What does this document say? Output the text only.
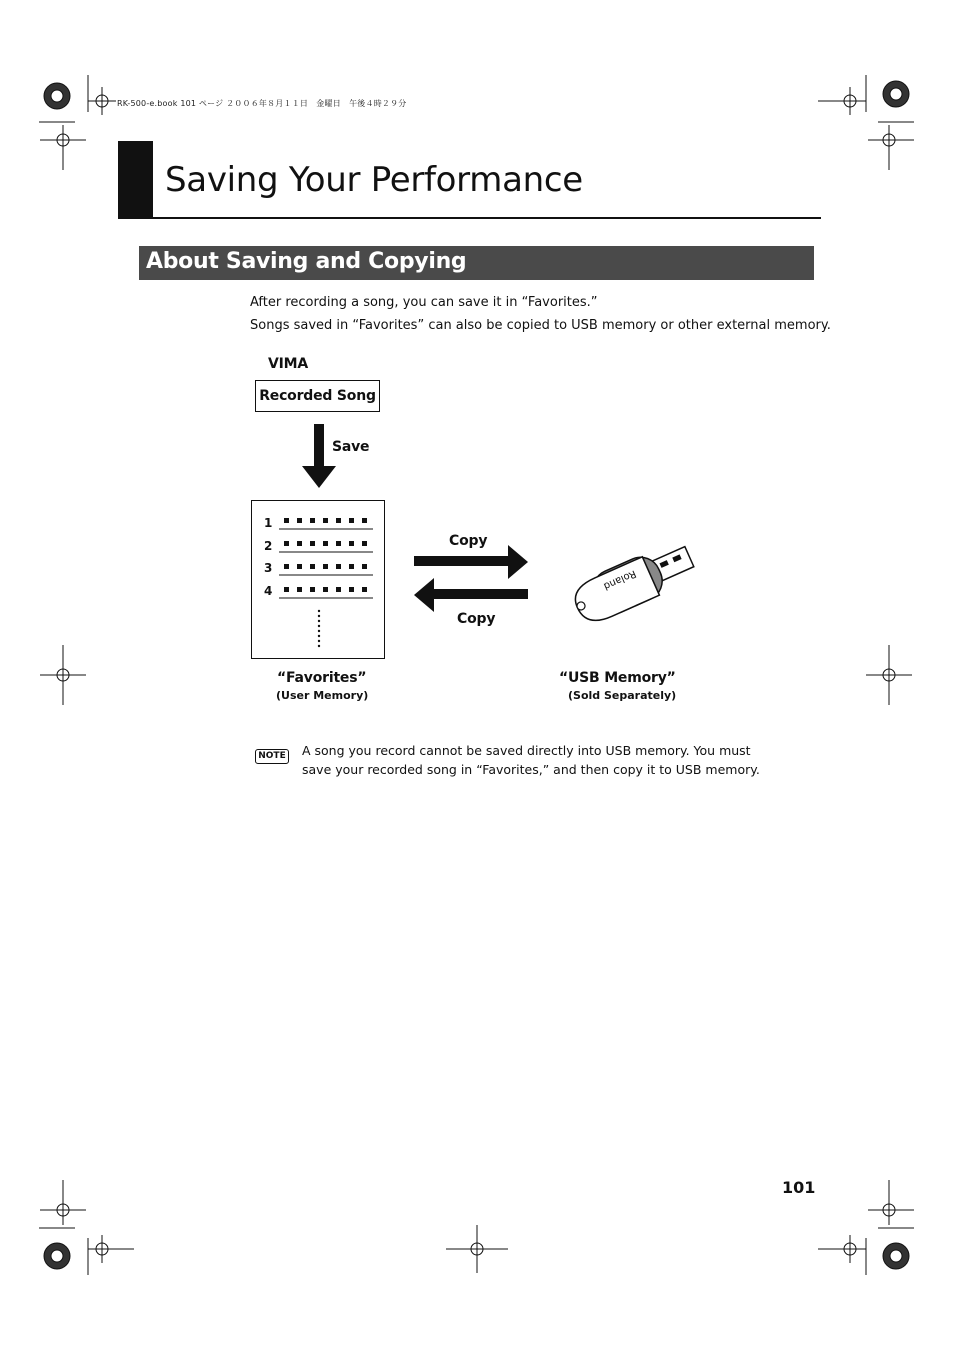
RK-500-e.book 101 ページ ２００６年８月１１日　金曜日　午後４時２９分
Saving Your Performance
About Saving and Copying
After recording a song, you can save it in “Favorites.”
Songs saved in “Favorites” can also be copied to USB memory or other external memory.
VIMA
Recorded Song
Save
1
2
3
4
Copy
Copy
Roland
“Favorites”
(User Memory)
“USB Memory”
(Sold Separately)
NOTE A song you record cannot be saved directly into USB memory. You must save your recorded song in “Favorites,” and then copy it to USB memory.
101
